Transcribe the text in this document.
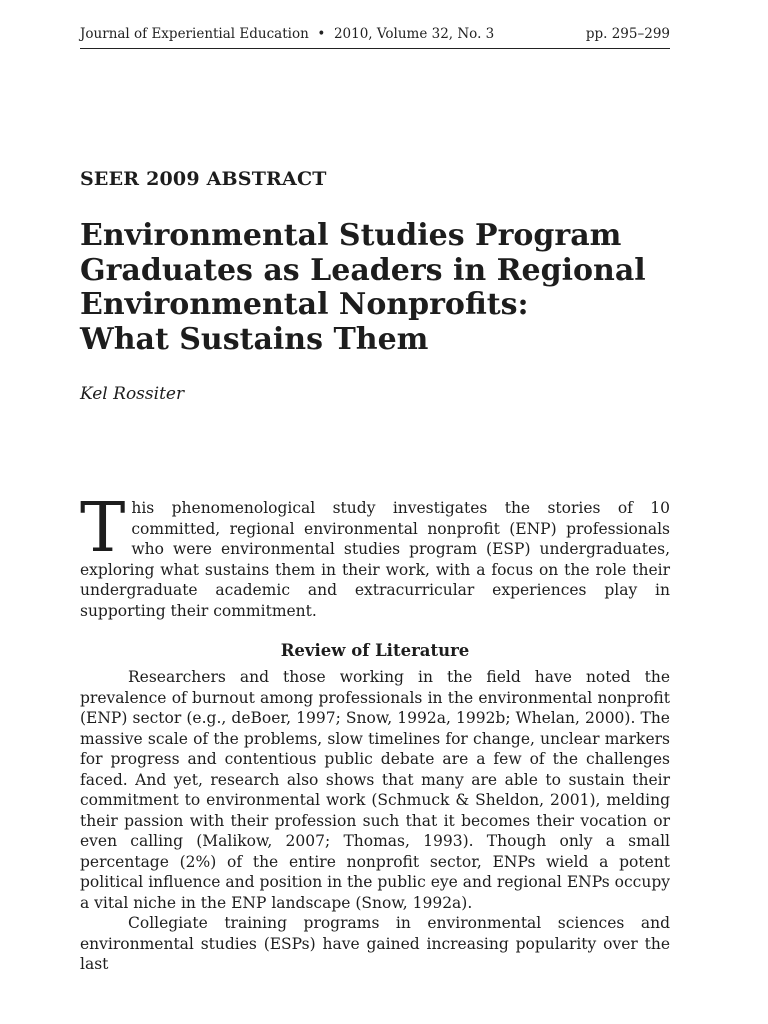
Journal of Experiential Education • 2010, Volume 32, No. 3	pp. 295–299
SEER 2009 ABSTRACT
Environmental Studies Program
Graduates as Leaders in Regional
Environmental Nonprofits:
What Sustains Them
Kel Rossiter

This phenomenological study investigates the stories of 10 committed, regional environmental nonprofit (ENP) professionals who were environmental studies program (ESP) undergraduates, exploring what sustains them in their work, with a focus on the role their undergraduate academic and extracurricular experiences play in supporting their commitment.

Review of Literature

Researchers and those working in the field have noted the prevalence of burnout among professionals in the environmental nonprofit (ENP) sector (e.g., deBoer, 1997; Snow, 1992a, 1992b; Whelan, 2000). The massive scale of the problems, slow timelines for change, unclear markers for progress and contentious public debate are a few of the challenges faced. And yet, research also shows that many are able to sustain their commitment to environmental work (Schmuck & Sheldon, 2001), melding their passion with their profession such that it becomes their vocation or even calling (Malikow, 2007; Thomas, 1993). Though only a small percentage (2%) of the entire nonprofit sector, ENPs wield a potent political influence and position in the public eye and regional ENPs occupy a vital niche in the ENP landscape (Snow, 1992a).

Collegiate training programs in environmental sciences and environmental studies (ESPs) have gained increasing popularity over the last
